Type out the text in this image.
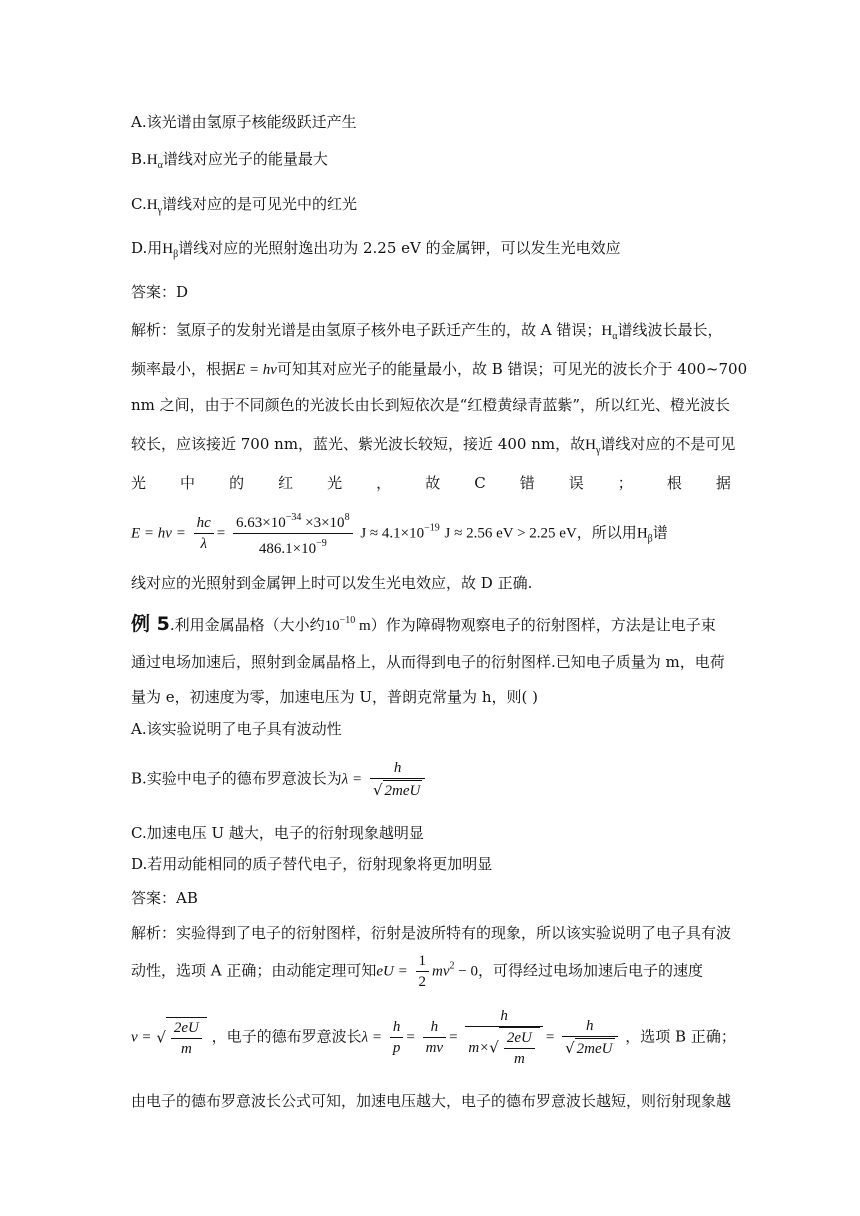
A.该光谱由氢原子核能级跃迁产生
$B.H_\alpha$谱线对应光子的能量最大
$C.H_\gamma$谱线对应的是可见光中的红光
D.用$H_\beta$谱线对应的光照射逸出功为 2.25 eV 的金属钾，可以发生光电效应
答案：D
解析：氢原子的发射光谱是由氢原子核外电子跃迁产生的，故 A 错误；$H_\alpha$谱线波长最长，
频率最小，根据E = hν可知其对应光子的能量最小，故 B 错误；可见光的波长介于 400~700
nm 之间，由于不同颜色的光波长由长到短依次是“红橙黄绿青蓝紫”，所以红光、橙光波长
较长，应该接近 700 nm，蓝光、紫光波长较短，接近 400 nm，故$H_\gamma$谱线对应的不是可见
光 中 的 红 光 ， 故 C 错 误 ； 根 据
$E = h\nu = \frac{hc}{\lambda} = \frac{6.63\times 10^{-34} \times 3\times 10^8}{486.1\times 10^{-9}}$ $J \approx 4.1\times 10^{-19}$ J ≈ 2.56 eV > 2.25 eV，所以用$H_\beta$谱
线对应的光照射到金属钾上时可以发生光电效应，故 D 正确.
例 5.利用金属晶格（大小约$10^{-10}$ m）作为障碍物观察电子的衍射图样，方法是让电子束
通过电场加速后，照射到金属晶格上，从而得到电子的衍射图样.已知电子质量为 m，电荷
量为 e，初速度为零，加速电压为 U，普朗克常量为 h，则( )
A.该实验说明了电子具有波动性
B.实验中电子的德布罗意波长为$\lambda = \frac{h}{\text{√ 2meU}}$
C.加速电压 U 越大，电子的衍射现象越明显
D.若用动能相同的质子替代电子，衍射现象将更加明显
答案：AB
解析：实验得到了电子的衍射图样，衍射是波所特有的现象，所以该实验说明了电子具有波
动性，选项 A 正确；由动能定理可知eU = $\frac{1}{2} mv^2 - 0$，可得经过电场加速后电子的速度
v = √ $\frac{2eU}{m}$ ，电子的德布罗意波长$\lambda = \frac{h}{p} = \frac{h}{mv} = \frac{h}{m\times√ \frac{2eU}{m}} = \frac{h}{\text{√ 2meU}}$ ，选项 B 正确；
由电子的德布罗意波长公式可知，加速电压越大，电子的德布罗意波长越短，则衍射现象越
